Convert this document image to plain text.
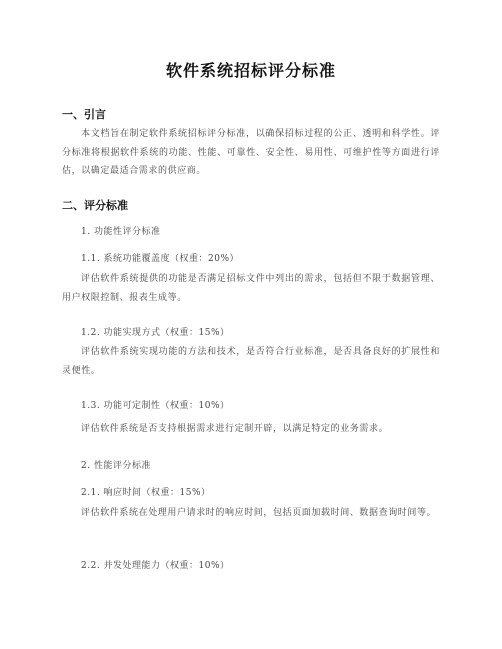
软件系统招标评分标准
一、引言
本文档旨在制定软件系统招标评分标准，以确保招标过程的公正、透明和科学性。评分标准将根据软件系统的功能、性能、可靠性、安全性、易用性、可维护性等方面进行评估，以确定最适合需求的供应商。
二、评分标准
1. 功能性评分标准
1.1. 系统功能覆盖度（权重：20%）
评估软件系统提供的功能是否满足招标文件中列出的需求，包括但不限于数据管理、用户权限控制、报表生成等。
1.2. 功能实现方式（权重：15%）
评估软件系统实现功能的方法和技术，是否符合行业标准，是否具备良好的扩展性和灵便性。
1.3. 功能可定制性（权重：10%）
评估软件系统是否支持根据需求进行定制开辟，以满足特定的业务需求。
2. 性能评分标准
2.1. 响应时间（权重：15%）
评估软件系统在处理用户请求时的响应时间，包括页面加载时间、数据查询时间等。
2.2. 并发处理能力（权重：10%）
